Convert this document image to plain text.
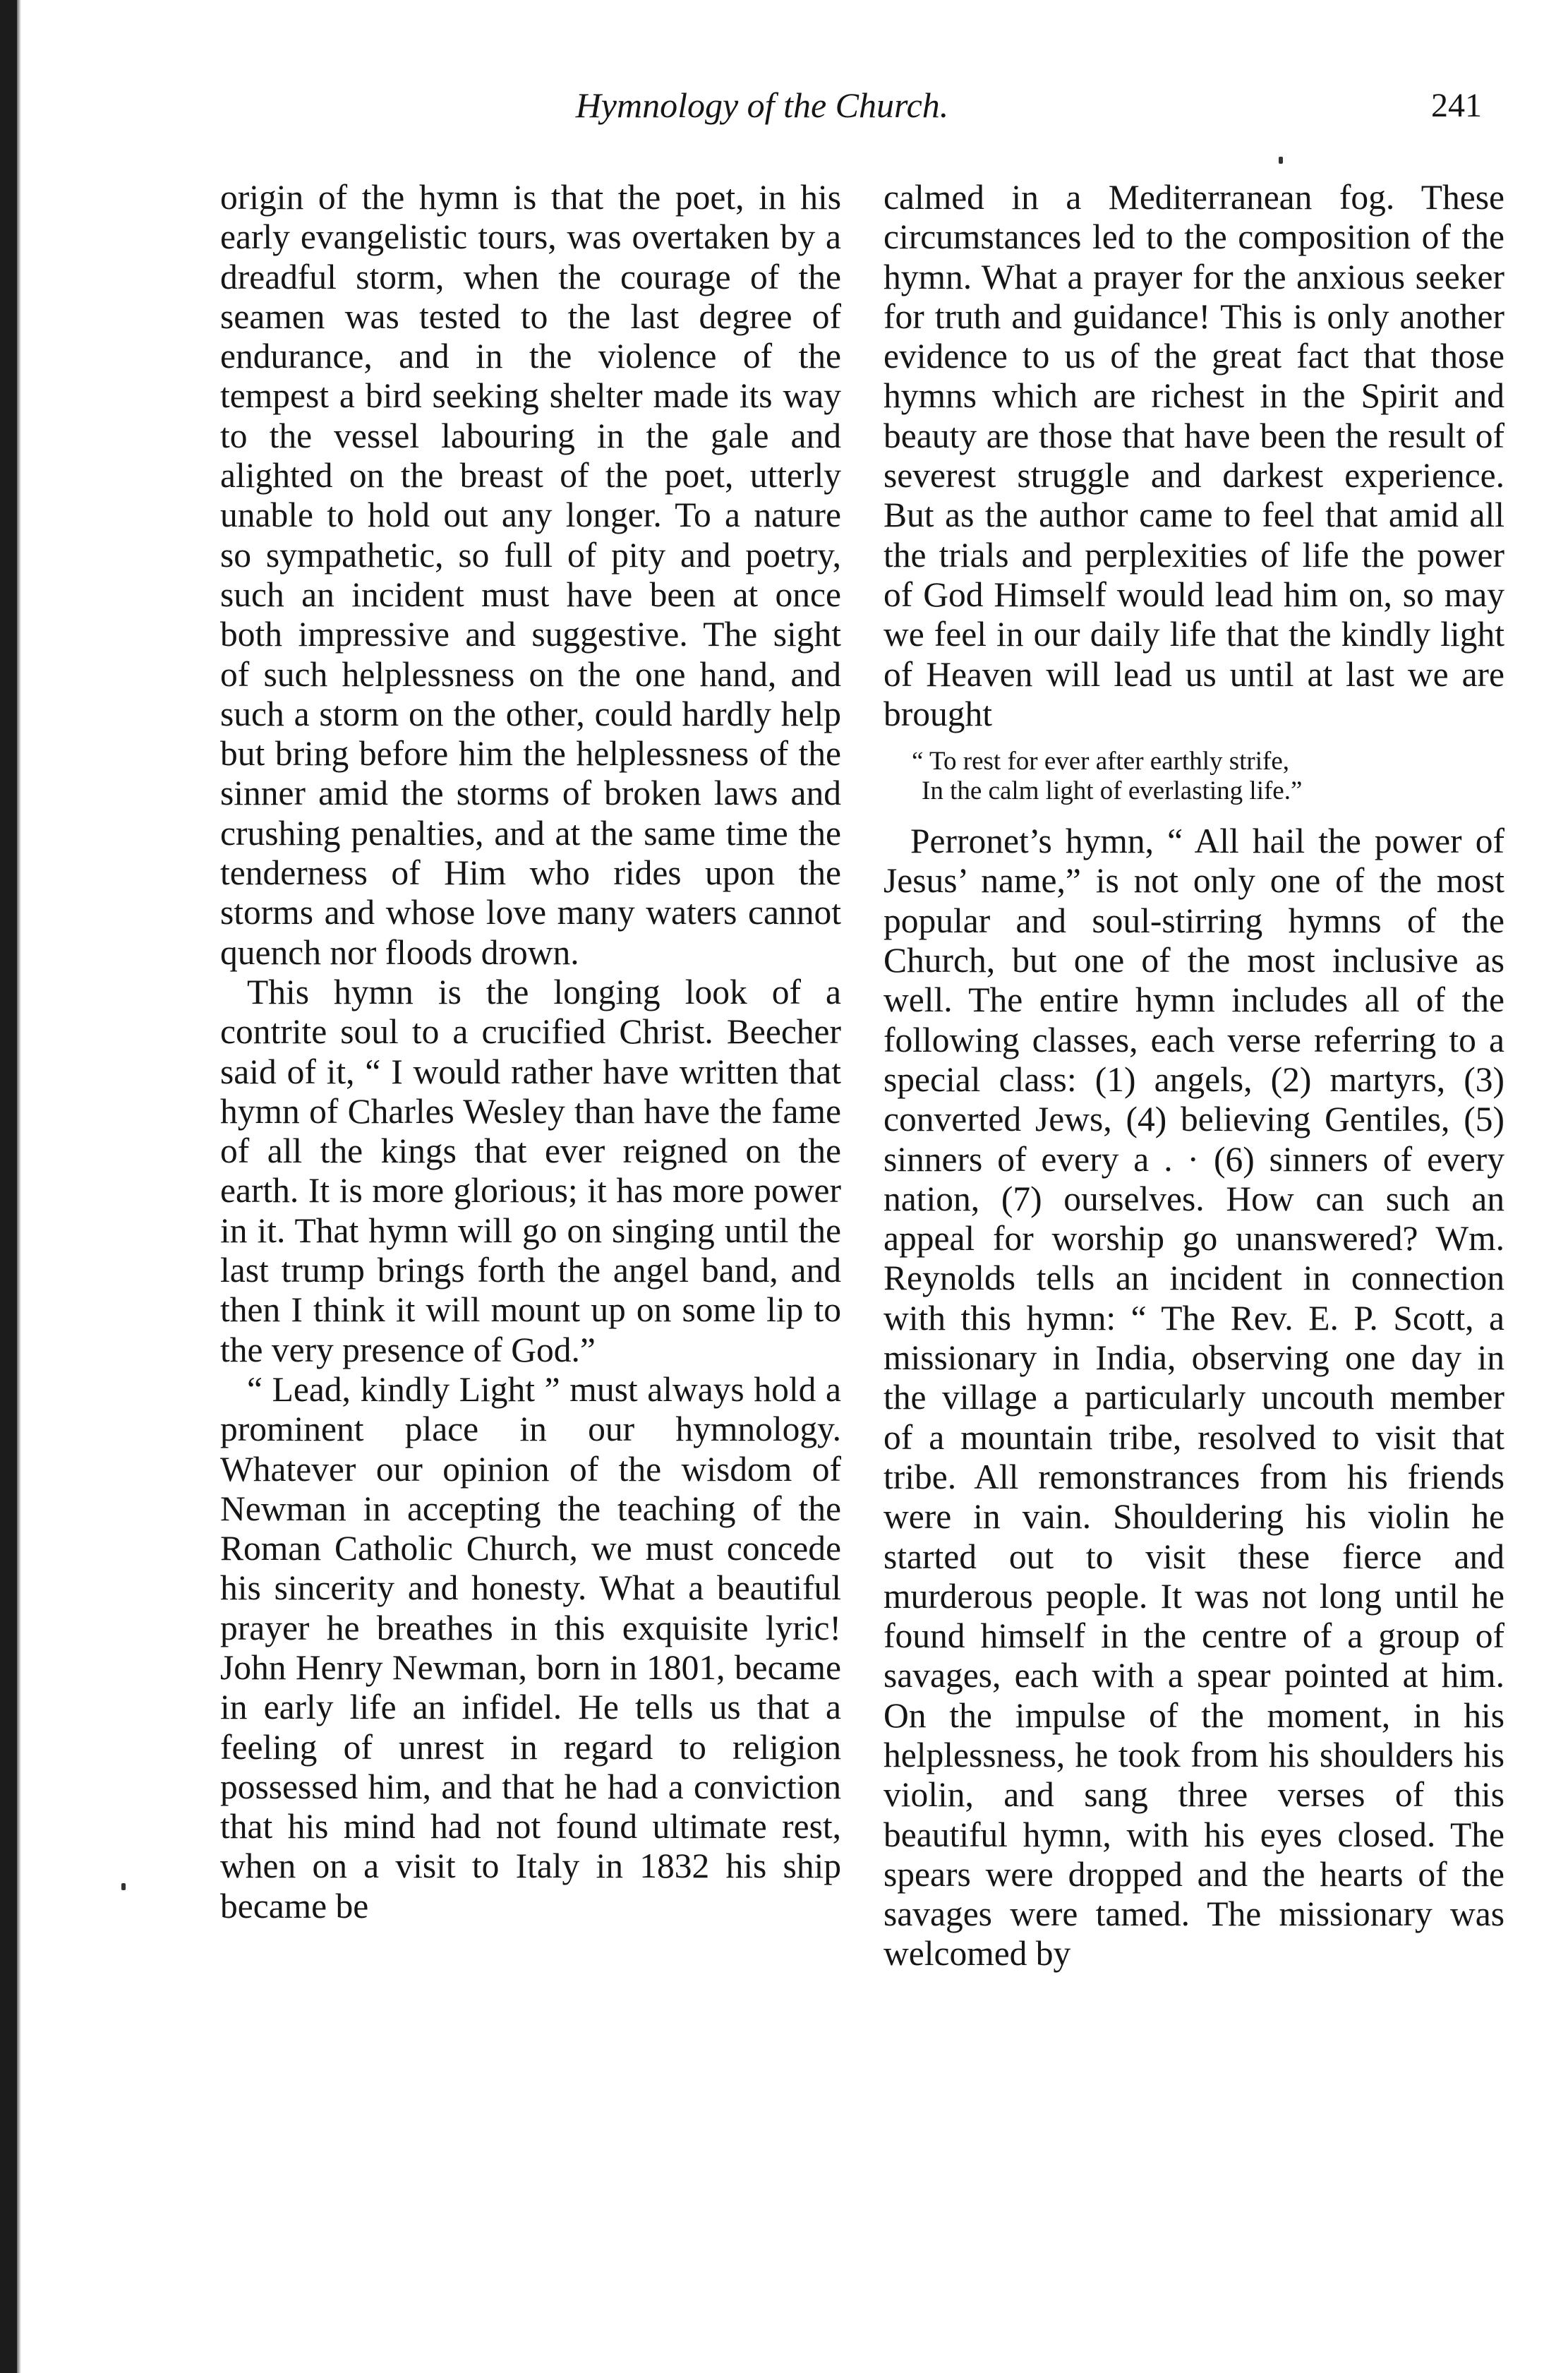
Hymnology of the Church.	241

origin of the hymn is that the poet, in his early evangelistic tours, was overtaken by a dreadful storm, when the courage of the seamen was tested to the last degree of endurance, and in the violence of the tempest a bird seeking shelter made its way to the vessel labouring in the gale and alighted on the breast of the poet, utterly unable to hold out any longer. To a nature so sympathetic, so full of pity and poetry, such an incident must have been at once both impressive and suggestive. The sight of such helplessness on the one hand, and such a storm on the other, could hardly help but bring before him the helplessness of the sinner amid the storms of broken laws and crushing penalties, and at the same time the tenderness of Him who rides upon the storms and whose love many waters cannot quench nor floods drown.

This hymn is the longing look of a contrite soul to a crucified Christ. Beecher said of it, “ I would rather have written that hymn of Charles Wesley than have the fame of all the kings that ever reigned on the earth. It is more glorious; it has more power in it. That hymn will go on singing until the last trump brings forth the angel band, and then I think it will mount up on some lip to the very presence of God.”

“ Lead, kindly Light ” must always hold a prominent place in our hymnology. Whatever our opinion of the wisdom of Newman in accepting the teaching of the Roman Catholic Church, we must concede his sincerity and honesty. What a beautiful prayer he breathes in this exquisite lyric! John Henry Newman, born in 1801, became in early life an infidel. He tells us that a feeling of unrest in regard to religion possessed him, and that he had a conviction that his mind had not found ultimate rest, when on a visit to Italy in 1832 his ship became be

calmed in a Mediterranean fog. These circumstances led to the composition of the hymn. What a prayer for the anxious seeker for truth and guidance! This is only another evidence to us of the great fact that those hymns which are richest in the Spirit and beauty are those that have been the result of severest struggle and darkest experience. But as the author came to feel that amid all the trials and perplexities of life the power of God Himself would lead him on, so may we feel in our daily life that the kindly light of Heaven will lead us until at last we are brought

“ To rest for ever after earthly strife,
In the calm light of everlasting life.”

Perronet’s hymn, “ All hail the power of Jesus’ name,” is not only one of the most popular and soul-stirring hymns of the Church, but one of the most inclusive as well. The entire hymn includes all of the following classes, each verse referring to a special class: (1) angels, (2) martyrs, (3) converted Jews, (4) believing Gentiles, (5) sinners of every a . · (6) sinners of every nation, (7) ourselves. How can such an appeal for worship go unanswered? Wm. Reynolds tells an incident in connection with this hymn: “ The Rev. E. P. Scott, a missionary in India, observing one day in the village a particularly uncouth member of a mountain tribe, resolved to visit that tribe. All remonstrances from his friends were in vain. Shouldering his violin he started out to visit these fierce and murderous people. It was not long until he found himself in the centre of a group of savages, each with a spear pointed at him. On the impulse of the moment, in his helplessness, he took from his shoulders his violin, and sang three verses of this beautiful hymn, with his eyes closed. The spears were dropped and the hearts of the savages were tamed. The missionary was welcomed by
